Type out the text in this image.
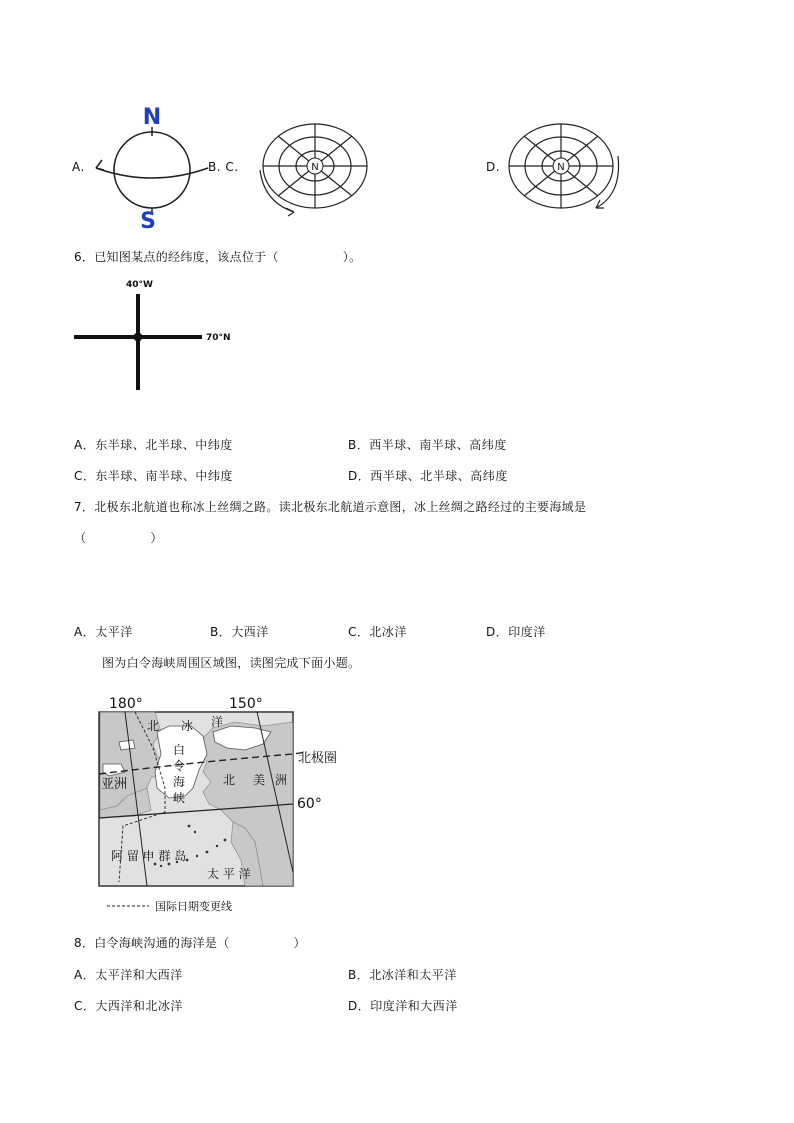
A.
N
S
B. C.	N	D.	N
6．已知图某点的经纬度，该点位于（	）。
40°W
70°N
A．东半球、北半球、中纬度	B．西半球、南半球、高纬度
C．东半球、南半球、中纬度	D．西半球、北半球、高纬度
7．北极东北航道也称冰上丝绸之路。读北极东北航道示意图，冰上丝绸之路经过的主要海域是
（	）
A．太平洋	B．大西洋	C．北冰洋	D．印度洋
图为白令海峡周围区域图，读图完成下面小题。
180°	150°
北极圈
60°
北 冰 洋
亚洲	北 美 洲
白
令
海
峡
阿 留 申 群 岛
太 平 洋
国际日期变更线
8．白令海峡沟通的海洋是（	）
A．太平洋和大西洋	B．北冰洋和太平洋
C．大西洋和北冰洋	D．印度洋和大西洋
